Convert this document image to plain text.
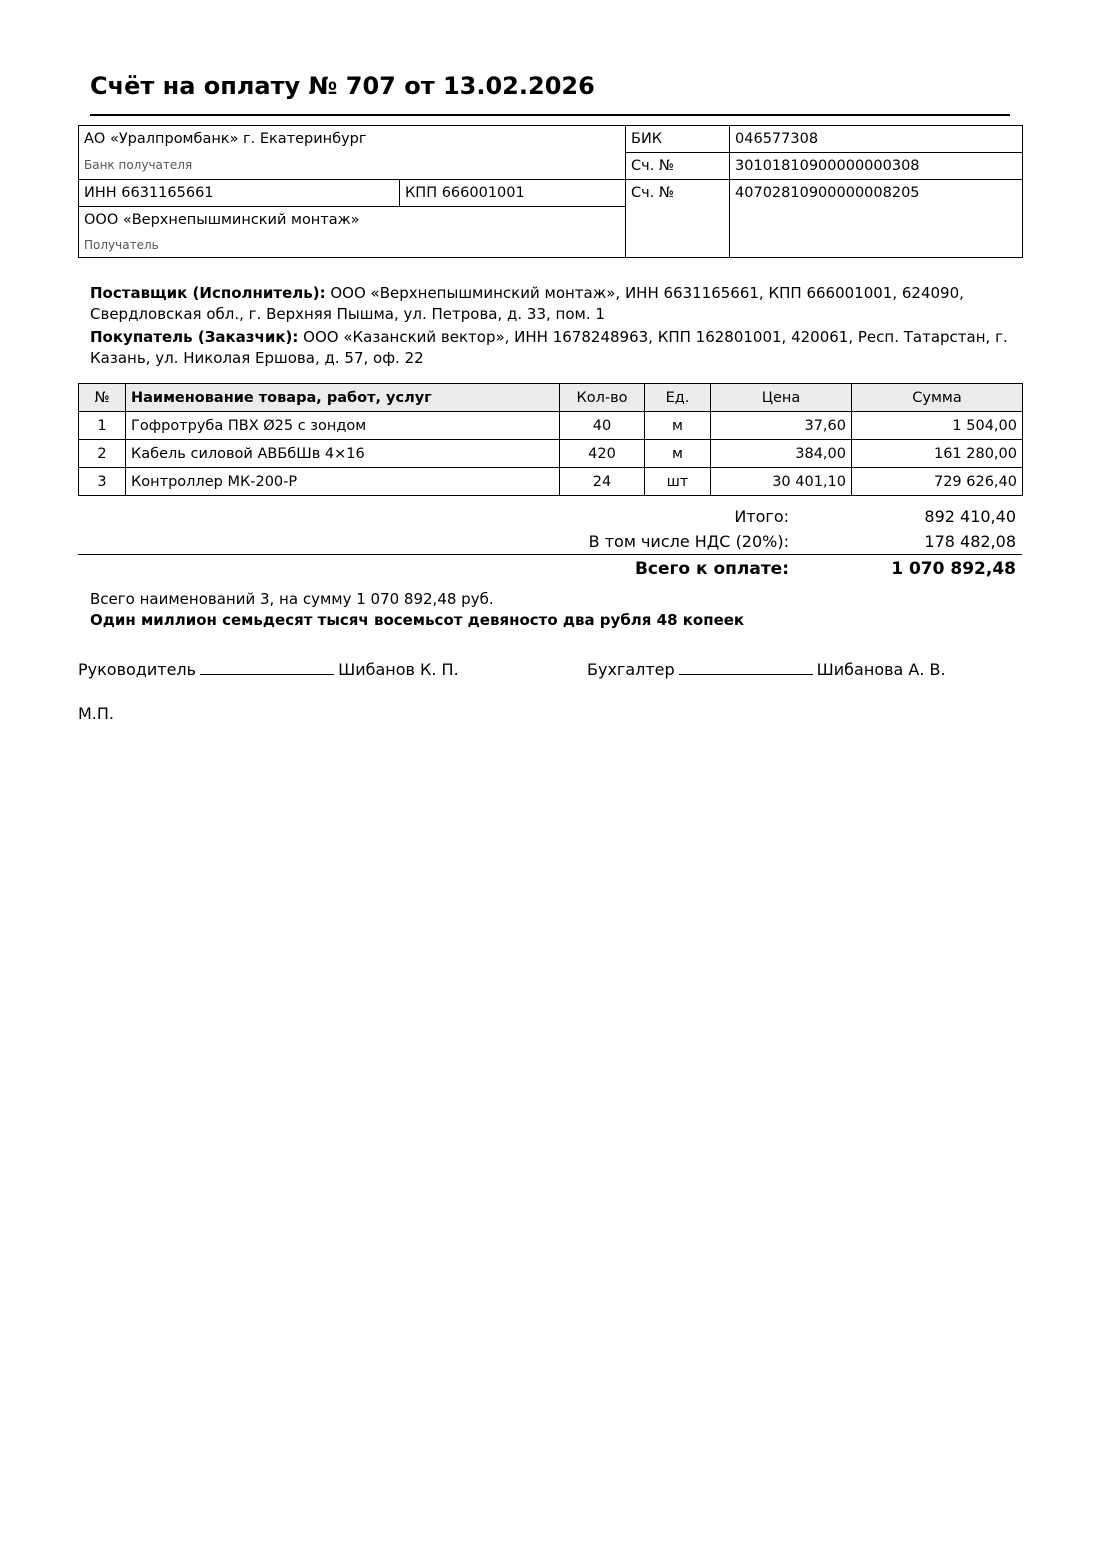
Счёт на оплату № 707 от 13.02.2026
АО «Уралпромбанк» г. Екатеринбург		БИК	046577308
Банк получателя		Сч. №	30101810900000000308
ИНН 6631165661	КПП 666001001	Сч. №	40702810900000008205
ООО «Верхнепышминский монтаж»			
Получатель			

Поставщик (Исполнитель): ООО «Верхнепышминский монтаж», ИНН 6631165661, КПП 666001001, 624090, Свердловская обл., г. Верхняя Пышма, ул. Петрова, д. 33, пом. 1

Покупатель (Заказчик): ООО «Казанский вектор», ИНН 1678248963, КПП 162801001, 420061, Респ. Татарстан, г. Казань, ул. Николая Ершова, д. 57, оф. 22

№	Наименование товара, работ, услуг	Кол-во	Ед.	Цена	Сумма
1	Гофротруба ПВХ Ø25 с зондом	40	м	37,60	1 504,00
2	Кабель силовой АВБбШв 4×16	420	м	384,00	161 280,00
3	Контроллер МК-200-Р	24	шт	30 401,10	729 626,40
Итого:	892 410,40
В том числе НДС (20%):	178 482,08
Всего к оплате:	1 070 892,48

Всего наименований 3, на сумму 1 070 892,48 руб.

Один миллион семьдесят тысяч восемьсот девяносто два рубля 48 копеек

Руководитель	Шибанов К. П.	Бухгалтер	Шибанова А. В.
М.П.
